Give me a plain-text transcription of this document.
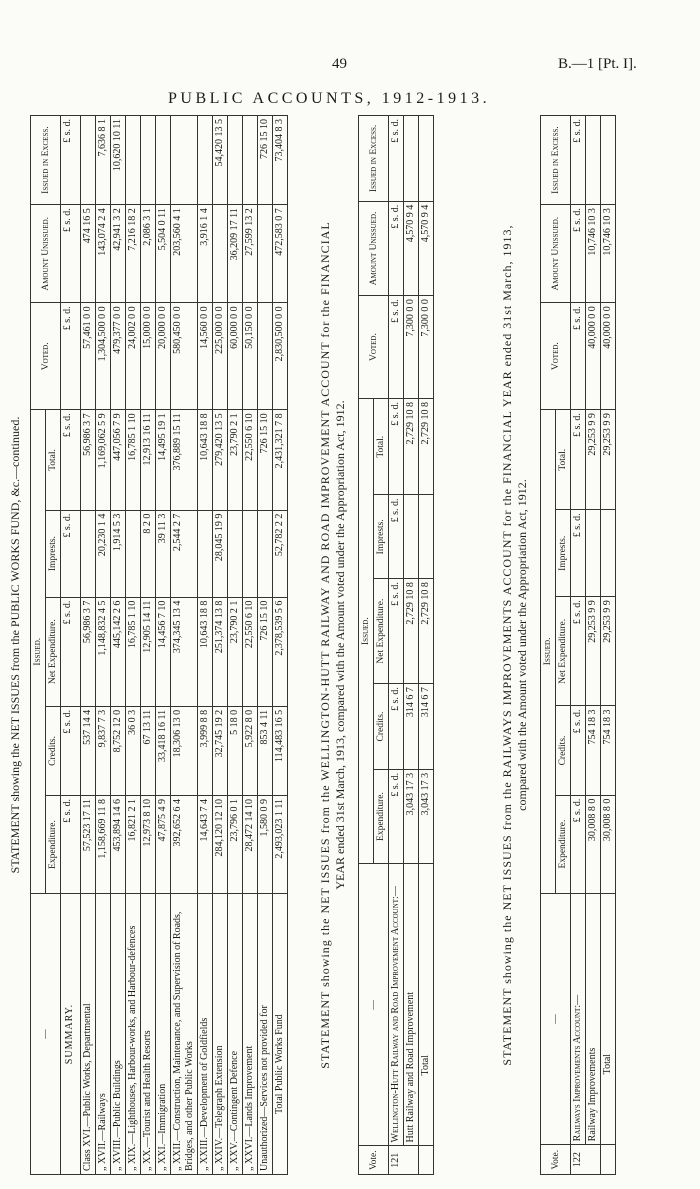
49	B.—1 [Pt. I].
PUBLIC ACCOUNTS, 1912-1913.
STATEMENT showing the NET ISSUES from the PUBLIC WORKS FUND, &c.—continued.
—	Issued.					Voted.	Amount Unissued.	Issued in Excess.
	Expenditure.	Credits.	Net Expenditure.	Imprests.	Total.			

SUMMARY.	£ s. d.	£ s. d.	£ s. d.	£ s. d.	£ s. d.	£ s. d.	£ s. d.	£ s. d.
Class XVI.—Public Works, Departmental	57,523 17 11	537 14 4	56,986 3 7		56,986 3 7	57,461 0 0	474 16 5	
„ XVII.—Railways	1,158,669 11 8	9,837 7 3	1,148,832 4 5	20,230 1 4	1,169,062 5 9	1,304,500 0 0	143,074 2 4	7,636 8 1
„ XVIII.—Public Buildings	453,894 14 6	8,752 12 0	445,142 2 6	1,914 5 3	447,056 7 9	479,377 0 0	42,941 3 2	10,620 10 11
„ XIX.—Lighthouses, Harbour-works, and Harbour-defences	16,821 2 1	36 0 3	16,785 1 10		16,785 1 10	24,002 0 0	7,216 18 2	
„ XX.—Tourist and Health Resorts	12,973 8 10	67 13 11	12,905 14 11	8 2 0	12,913 16 11	15,000 0 0	2,086 3 1	
„ XXI.—Immigration	47,875 4 9	33,418 16 11	14,456 7 10	39 11 3	14,495 19 1	20,000 0 0	5,504 0 11	
„ XXII.—Construction, Maintenance, and Supervision of Roads, Bridges, and other Public Works	392,652 6 4	18,306 13 0	374,345 13 4	2,544 2 7	376,889 15 11	580,450 0 0	203,560 4 1	
„ XXIII.—Development of Goldfields	14,643 7 4	3,999 8 8	10,643 18 8		10,643 18 8	14,560 0 0	3,916 1 4	
„ XXIV.—Telegraph Extension	284,120 12 10	32,745 19 2	251,374 13 8	28,045 19 9	279,420 13 5	225,000 0 0		54,420 13 5
„ XXV.—Contingent Defence	23,796 0 1	5 18 0	23,790 2 1		23,790 2 1	60,000 0 0	36,209 17 11	
„ XXVI.—Lands Improvement	28,472 14 10	5,922 8 0	22,550 6 10		22,550 6 10	50,150 0 0	27,599 13 2	
Unauthorized—Services not provided for	1,580 0 9	853 4 11	726 15 10		726 15 10			726 15 10
Total Public Works Fund	2,493,023 1 11	114,483 16 5	2,378,539 5 6	52,782 2 2	2,431,321 7 8	2,830,500 0 0	472,583 0 7	73,404 8 3
STATEMENT showing the NET ISSUES from the WELLINGTON-HUTT RAILWAY AND ROAD IMPROVEMENT ACCOUNT for the FINANCIAL YEAR ended 31st March, 1913, compared with the Amount voted under the Appropriation Act, 1912.
Vote.	—	Issued.					Voted.	Amount Unissued.	Issued in Excess.
		Expenditure.	Credits.	Net Expenditure.	Imprests.	Total.			
121	Wellington-Hutt Railway and Road Improvement Account:—	£ s. d.	£ s. d.	£ s. d.	£ s. d.	£ s. d.	£ s. d.	£ s. d.	£ s. d.
	Hutt Railway and Road Improvement	3,043 17 3	314 6 7	2,729 10 8		2,729 10 8	7,300 0 0	4,570 9 4	
	Total	3,043 17 3	314 6 7	2,729 10 8		2,729 10 8	7,300 0 0	4,570 9 4	
STATEMENT showing the NET ISSUES from the RAILWAYS IMPROVEMENTS ACCOUNT for the FINANCIAL YEAR ended 31st March, 1913, compared with the Amount voted under the Appropriation Act, 1912.
Vote.	—	Issued.					Voted.	Amount Unissued.	Issued in Excess.
		Expenditure.	Credits.	Net Expenditure.	Imprests.	Total.			
122	Railways Improvements Account:—	£ s. d.	£ s. d.	£ s. d.	£ s. d.	£ s. d.	£ s. d.	£ s. d.	£ s. d.
	Railway Improvements	30,008 8 0	754 18 3	29,253 9 9		29,253 9 9	40,000 0 0	10,746 10 3	
	Total	30,008 8 0	754 18 3	29,253 9 9		29,253 9 9	40,000 0 0	10,746 10 3	
